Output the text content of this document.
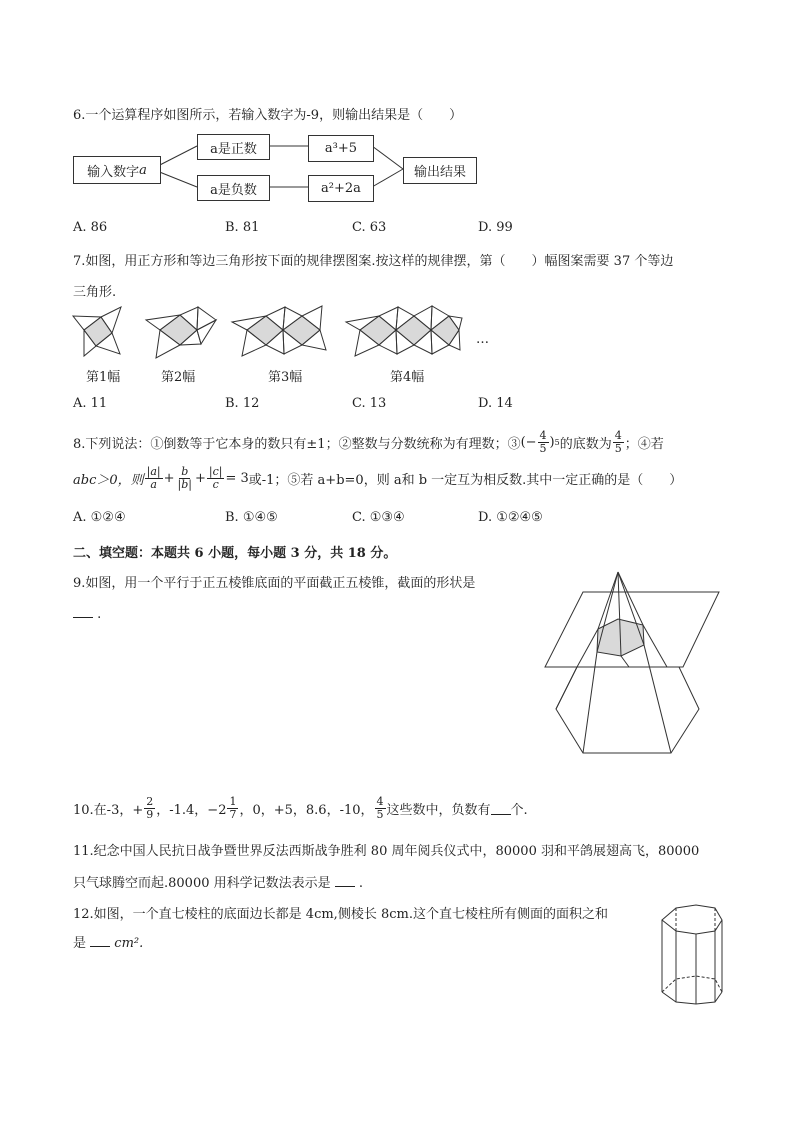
6.一个运算程序如图所示，若输入数字为-9，则输出结果是（　　）
输入数字 a
a是正数
a是负数
a³+5
a²+2a
输出结果
A. 86	B. 81	C. 63	D. 99
7.如图，用正方形和等边三角形按下面的规律摆图案.按这样的规律摆，第（　　）幅图案需要 37 个等边
三角形.
…
第1幅	第2幅	第3幅	第4幅
A. 11	B. 12	C. 13	D. 14
8.下列说法：①倒数等于它本身的数只有±1；②整数与分数统称为有理数；③ (− $\frac{4}{5}$ ) 5 的底数为 $\frac{4}{5}$ ；④若
abc＞0，则 $\frac{|a|}{a} + \frac{b}{|b|} + \frac{|c|}{c} = 3$ 或-1；⑤若 a+b=0，则 a和 b 一定互为相反数.其中一定正确的是（　　）
A. ①②④	B. ①④⑤	C. ①③④	D. ①②④⑤
二、填空题：本题共 6 小题，每小题 3 分，共 18 分。
9.如图，用一个平行于正五棱锥底面的平面截正五棱锥，截面的形状是
.
10.在-3，+ $\frac{2}{9}$ ，-1.4，$-2 \frac{1}{7}$ ，0，+5，8.6，-10， $\frac{4}{5}$ 这些数中，负数有 个.
11.纪念中国人民抗日战争暨世界反法西斯战争胜利 80 周年阅兵仪式中，80000 羽和平鸽展翅高飞，80000
只气球腾空而起.80000 用科学记数法表示是 .
12.如图，一个直七棱柱的底面边长都是 4cm,侧棱长 8cm.这个直七棱柱所有侧面的面积之和
是 cm².
